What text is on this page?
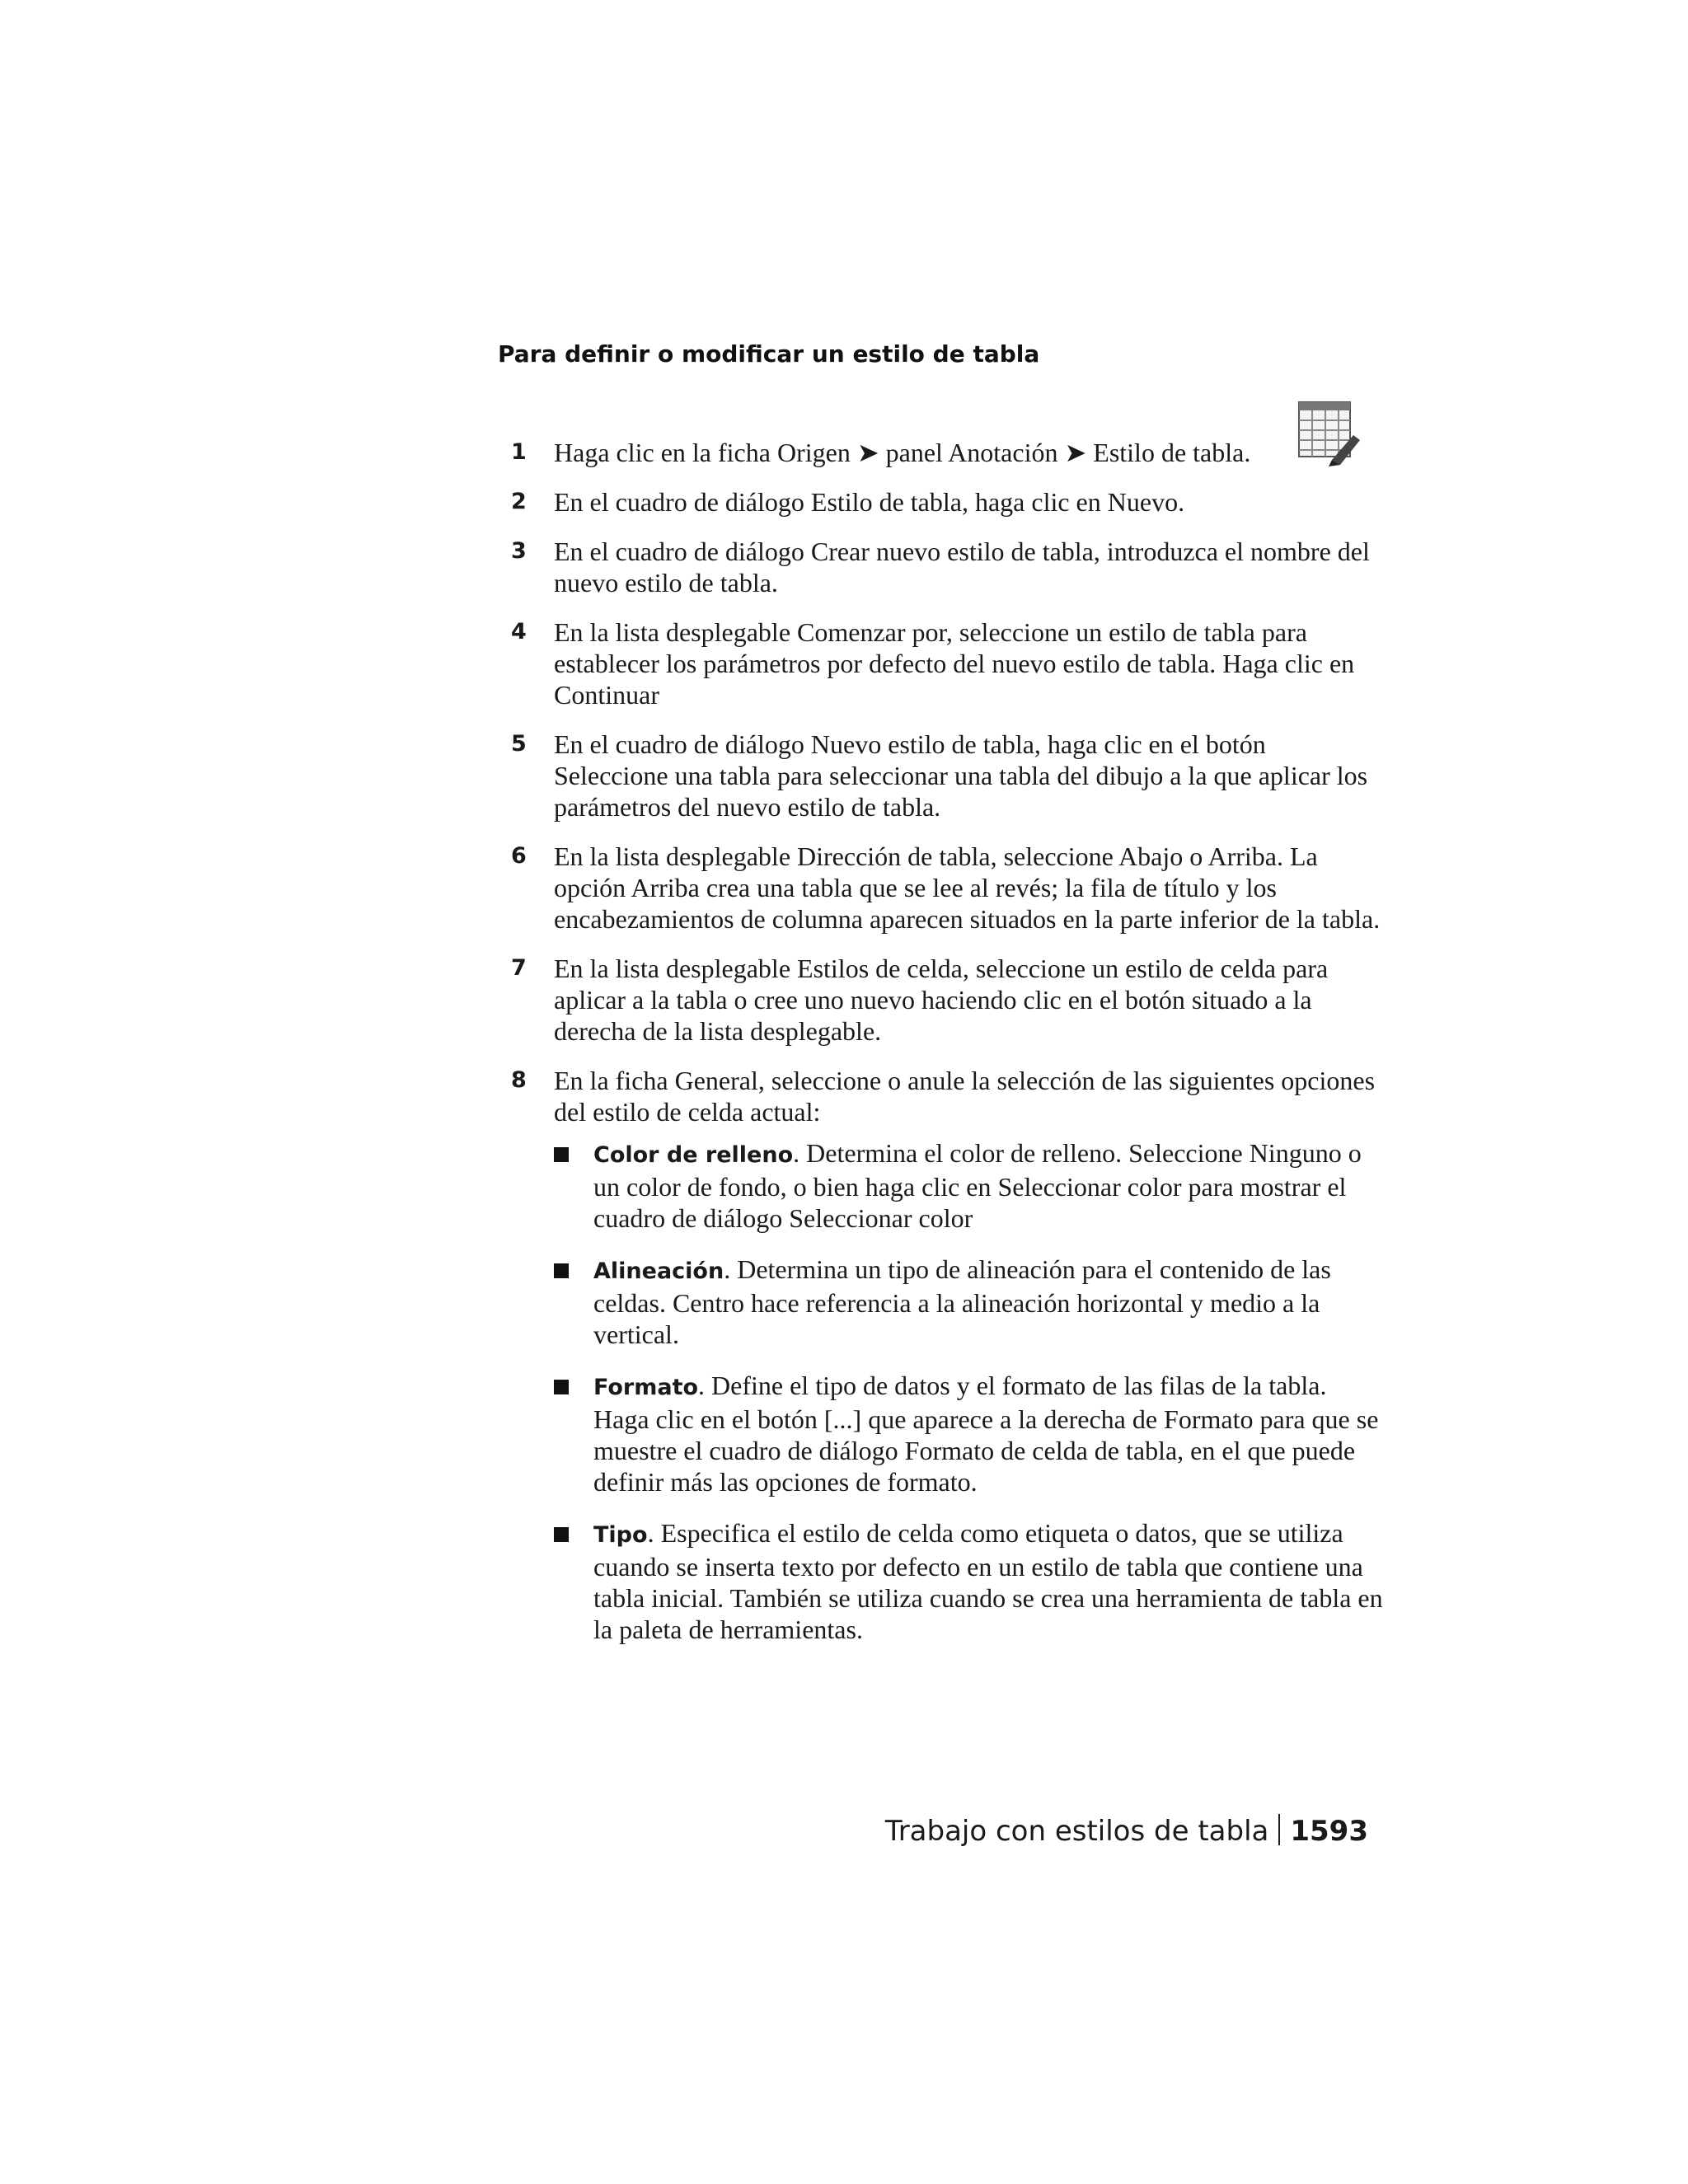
Para definir o modificar un estilo de tabla
1 Haga clic en la ficha Origen ➤ panel Anotación ➤ Estilo de tabla.
2 En el cuadro de diálogo Estilo de tabla, haga clic en Nuevo.
3 En el cuadro de diálogo Crear nuevo estilo de tabla, introduzca el nombre del nuevo estilo de tabla.
4 En la lista desplegable Comenzar por, seleccione un estilo de tabla para establecer los parámetros por defecto del nuevo estilo de tabla. Haga clic en Continuar
5 En el cuadro de diálogo Nuevo estilo de tabla, haga clic en el botón Seleccione una tabla para seleccionar una tabla del dibujo a la que aplicar los parámetros del nuevo estilo de tabla.
6 En la lista desplegable Dirección de tabla, seleccione Abajo o Arriba. La opción Arriba crea una tabla que se lee al revés; la fila de título y los encabezamientos de columna aparecen situados en la parte inferior de la tabla.
7 En la lista desplegable Estilos de celda, seleccione un estilo de celda para aplicar a la tabla o cree uno nuevo haciendo clic en el botón situado a la derecha de la lista desplegable.
8 En la ficha General, seleccione o anule la selección de las siguientes opciones del estilo de celda actual:
Color de relleno. Determina el color de relleno. Seleccione Ninguno o un color de fondo, o bien haga clic en Seleccionar color para mostrar el cuadro de diálogo Seleccionar color
Alineación. Determina un tipo de alineación para el contenido de las celdas. Centro hace referencia a la alineación horizontal y medio a la vertical.
Formato. Define el tipo de datos y el formato de las filas de la tabla. Haga clic en el botón [...] que aparece a la derecha de Formato para que se muestre el cuadro de diálogo Formato de celda de tabla, en el que puede definir más las opciones de formato.
Tipo. Especifica el estilo de celda como etiqueta o datos, que se utiliza cuando se inserta texto por defecto en un estilo de tabla que contiene una tabla inicial. También se utiliza cuando se crea una herramienta de tabla en la paleta de herramientas.
Trabajo con estilos de tabla 1593
